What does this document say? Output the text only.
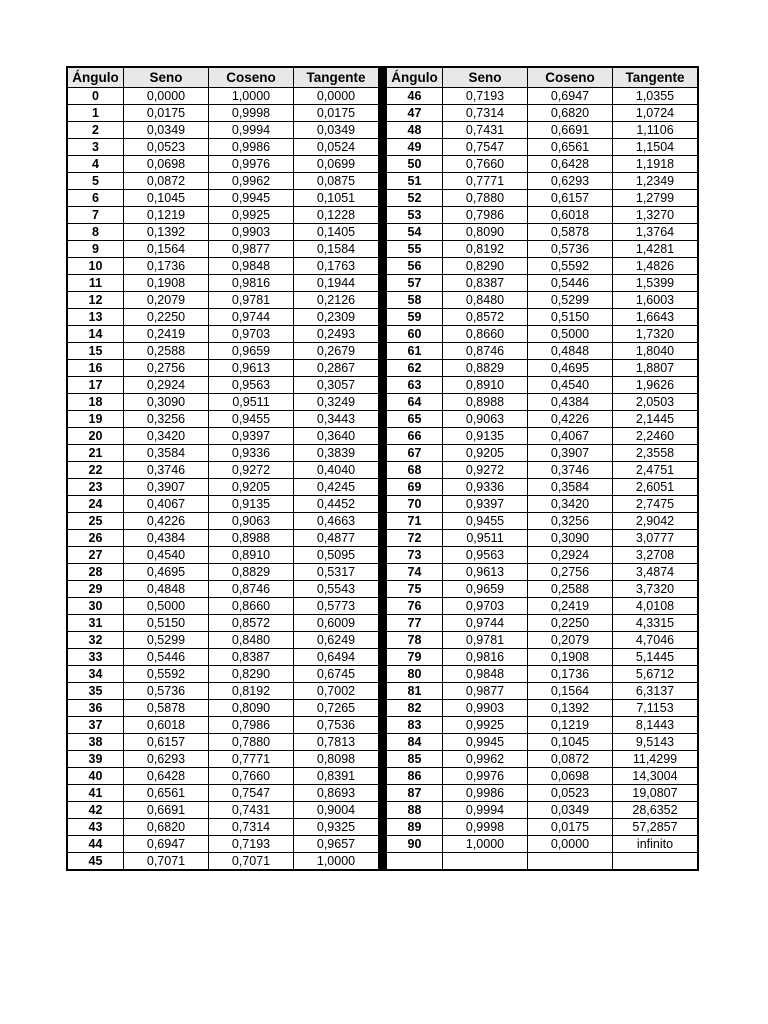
Ángulo	Seno	Coseno	Tangente
0	0,0000	1,0000	0,0000
1	0,0175	0,9998	0,0175
2	0,0349	0,9994	0,0349
3	0,0523	0,9986	0,0524
4	0,0698	0,9976	0,0699
5	0,0872	0,9962	0,0875
6	0,1045	0,9945	0,1051
7	0,1219	0,9925	0,1228
8	0,1392	0,9903	0,1405
9	0,1564	0,9877	0,1584
10	0,1736	0,9848	0,1763
11	0,1908	0,9816	0,1944
12	0,2079	0,9781	0,2126
13	0,2250	0,9744	0,2309
14	0,2419	0,9703	0,2493
15	0,2588	0,9659	0,2679
16	0,2756	0,9613	0,2867
17	0,2924	0,9563	0,3057
18	0,3090	0,9511	0,3249
19	0,3256	0,9455	0,3443
20	0,3420	0,9397	0,3640
21	0,3584	0,9336	0,3839
22	0,3746	0,9272	0,4040
23	0,3907	0,9205	0,4245
24	0,4067	0,9135	0,4452
25	0,4226	0,9063	0,4663
26	0,4384	0,8988	0,4877
27	0,4540	0,8910	0,5095
28	0,4695	0,8829	0,5317
29	0,4848	0,8746	0,5543
30	0,5000	0,8660	0,5773
31	0,5150	0,8572	0,6009
32	0,5299	0,8480	0,6249
33	0,5446	0,8387	0,6494
34	0,5592	0,8290	0,6745
35	0,5736	0,8192	0,7002
36	0,5878	0,8090	0,7265
37	0,6018	0,7986	0,7536
38	0,6157	0,7880	0,7813
39	0,6293	0,7771	0,8098
40	0,6428	0,7660	0,8391
41	0,6561	0,7547	0,8693
42	0,6691	0,7431	0,9004
43	0,6820	0,7314	0,9325
44	0,6947	0,7193	0,9657
45	0,7071	0,7071	1,0000
Ángulo	Seno	Coseno	Tangente
46	0,7193	0,6947	1,0355
47	0,7314	0,6820	1,0724
48	0,7431	0,6691	1,1106
49	0,7547	0,6561	1,1504
50	0,7660	0,6428	1,1918
51	0,7771	0,6293	1,2349
52	0,7880	0,6157	1,2799
53	0,7986	0,6018	1,3270
54	0,8090	0,5878	1,3764
55	0,8192	0,5736	1,4281
56	0,8290	0,5592	1,4826
57	0,8387	0,5446	1,5399
58	0,8480	0,5299	1,6003
59	0,8572	0,5150	1,6643
60	0,8660	0,5000	1,7320
61	0,8746	0,4848	1,8040
62	0,8829	0,4695	1,8807
63	0,8910	0,4540	1,9626
64	0,8988	0,4384	2,0503
65	0,9063	0,4226	2,1445
66	0,9135	0,4067	2,2460
67	0,9205	0,3907	2,3558
68	0,9272	0,3746	2,4751
69	0,9336	0,3584	2,6051
70	0,9397	0,3420	2,7475
71	0,9455	0,3256	2,9042
72	0,9511	0,3090	3,0777
73	0,9563	0,2924	3,2708
74	0,9613	0,2756	3,4874
75	0,9659	0,2588	3,7320
76	0,9703	0,2419	4,0108
77	0,9744	0,2250	4,3315
78	0,9781	0,2079	4,7046
79	0,9816	0,1908	5,1445
80	0,9848	0,1736	5,6712
81	0,9877	0,1564	6,3137
82	0,9903	0,1392	7,1153
83	0,9925	0,1219	8,1443
84	0,9945	0,1045	9,5143
85	0,9962	0,0872	11,4299
86	0,9976	0,0698	14,3004
87	0,9986	0,0523	19,0807
88	0,9994	0,0349	28,6352
89	0,9998	0,0175	57,2857
90	1,0000	0,0000	infinito
